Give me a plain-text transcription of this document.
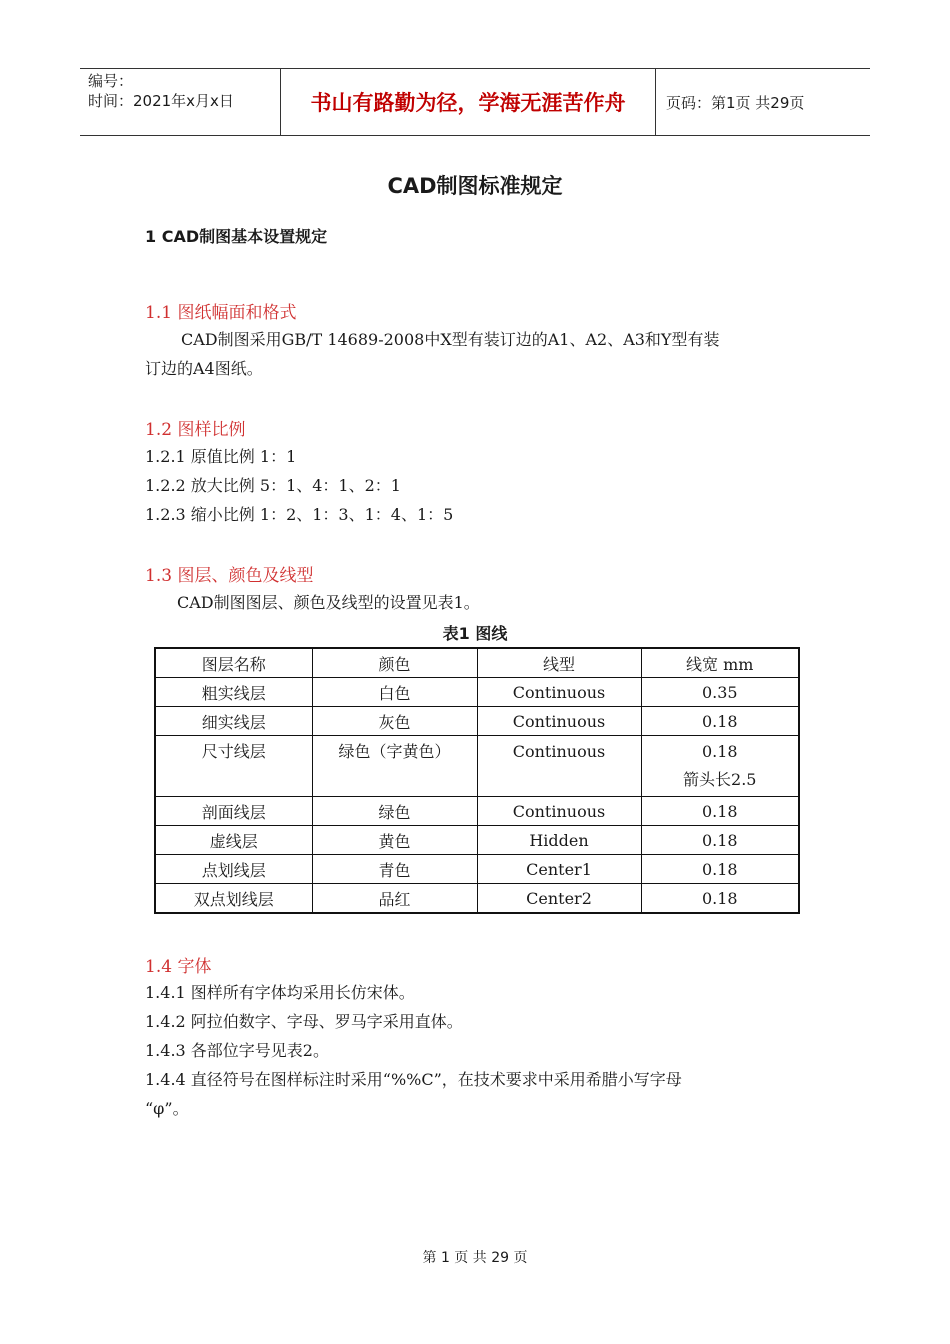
编号：
时间：2021年x月x日	书山有路勤为径，学海无涯苦作舟	页码：第1页 共29页
CAD制图标准规定
1 CAD制图基本设置规定
1.1 图纸幅面和格式
CAD制图采用GB/T 14689-2008中X型有装订边的A1、A2、A3和Y型有装
订边的A4图纸。
1.2 图样比例
1.2.1 原值比例 1：1
1.2.2 放大比例 5：1、4：1、2：1
1.2.3 缩小比例 1：2、1：3、1：4、1：5
1.3 图层、颜色及线型
CAD制图图层、颜色及线型的设置见表1。
表1 图线
图层名称	颜色	线型	线宽 mm
粗实线层	白色	Continuous	0.35
细实线层	灰色	Continuous	0.18
尺寸线层	绿色（字黄色）	Continuous	0.18
箭头长2.5

剖面线层	绿色	Continuous	0.18
虚线层	黄色	Hidden	0.18
点划线层	青色	Center1	0.18
双点划线层	品红	Center2	0.18
1.4 字体
1.4.1 图样所有字体均采用长仿宋体。
1.4.2 阿拉伯数字、字母、罗马字采用直体。
1.4.3 各部位字号见表2。
1.4.4 直径符号在图样标注时采用“%%C”，在技术要求中采用希腊小写字母
“φ”。
第 1 页 共 29 页
